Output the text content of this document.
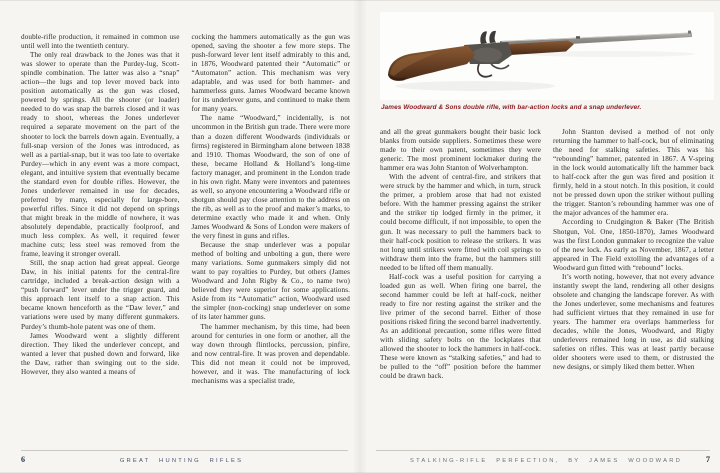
double-rifle production, it remained in common use until well into the twentieth century.

The only real drawback to the Jones was that it was slower to operate than the Purdey-lug, Scott-spindle combination. The latter was also a “snap” action—the lugs and top lever moved back into position automatically as the gun was closed, powered by springs. All the shooter (or loader) needed to do was snap the barrels closed and it was ready to shoot, whereas the Jones underlever required a separate movement on the part of the shooter to lock the barrels down again. Eventually, a full-snap version of the Jones was introduced, as well as a partial-snap, but it was too late to overtake Purdey—which in any event was a more compact, elegant, and intuitive system that eventually became the standard even for double rifles. However, the Jones underlever remained in use for decades, preferred by many, especially for large-bore, powerful rifles. Since it did not depend on springs that might break in the middle of nowhere, it was absolutely dependable, practically foolproof, and much less complex. As well, it required fewer machine cuts; less steel was removed from the frame, leaving it stronger overall.

Still, the snap action had great appeal. George Daw, in his initial patents for the central-fire cartridge, included a break-action design with a “push forward” lever under the trigger guard, and this approach lent itself to a snap action. This became known henceforth as the “Daw lever,” and variations were used by many different gunmakers. Purdey’s thumb-hole patent was one of them.

James Woodward went a slightly different direction. They liked the underlever concept, and wanted a lever that pushed down and forward, like the Daw, rather than swinging out to the side. However, they also wanted a means of

cocking the hammers automatically as the gun was opened, saving the shooter a few more steps. The push-forward lever lent itself admirably to this and, in 1876, Woodward patented their “Automatic” or “Automaton” action. This mechanism was very adaptable, and was used for both hammer- and hammerless guns. James Woodward became known for its underlever guns, and continued to make them for many years.

The name “Woodward,” incidentally, is not uncommon in the British gun trade. There were more than a dozen different Woodwards (individuals or firms) registered in Birmingham alone between 1838 and 1910. Thomas Woodward, the son of one of these, became Holland & Holland’s long-time factory manager, and prominent in the London trade in his own right. Many were inventors and patentees as well, so anyone encountering a Woodward rifle or shotgun should pay close attention to the address on the rib, as well as to the proof and maker’s marks, to determine exactly who made it and when. Only James Woodward & Sons of London were makers of the very finest in guns and rifles.

Because the snap underlever was a popular method of bolting and unbolting a gun, there were many variations. Some gunmakers simply did not want to pay royalties to Purdey, but others (James Woodward and John Rigby & Co., to name two) believed they were superior for some applications. Aside from its “Automatic” action, Woodward used the simpler (non-cocking) snap underlever on some of its later hammer guns.

The hammer mechanism, by this time, had been around for centuries in one form or another, all the way down through flintlocks, percussion, pinfire, and now central-fire. It was proven and dependable. This did not mean it could not be improved, however, and it was. The manufacturing of lock mechanisms was a specialist trade,

6	GREAT HUNTING RIFLES
James Woodward & Sons double rifle, with bar-action locks and a snap underlever.

and all the great gunmakers bought their basic lock blanks from outside suppliers. Sometimes these were made to their own patent, sometimes they were generic. The most prominent lockmaker during the hammer era was John Stanton of Wolverhampton.

With the advent of central-fire, and strikers that were struck by the hammer and which, in turn, struck the primer, a problem arose that had not existed before. With the hammer pressing against the striker and the striker tip lodged firmly in the primer, it could become difficult, if not impossible, to open the gun. It was necessary to pull the hammers back to their half-cock position to release the strikers. It was not long until strikers were fitted with coil springs to withdraw them into the frame, but the hammers still needed to be lifted off them manually.

Half-cock was a useful position for carrying a loaded gun as well. When firing one barrel, the second hammer could be left at half-cock, neither ready to fire nor resting against the striker and the live primer of the second barrel. Either of those positions risked firing the second barrel inadvertently. As an additional precaution, some rifles were fitted with sliding safety bolts on the lockplates that allowed the shooter to lock the hammers in half-cock. These were known as “stalking safeties,” and had to be pulled to the “off” position before the hammer could be drawn back.

John Stanton devised a method of not only returning the hammer to half-cock, but of eliminating the need for stalking safeties. This was his “rebounding” hammer, patented in 1867. A V-spring in the lock would automatically lift the hammer back to half-cock after the gun was fired and position it firmly, held in a stout notch. In this position, it could not be pressed down upon the striker without pulling the trigger. Stanton’s rebounding hammer was one of the major advances of the hammer era.

According to Crudgington & Baker (The British Shotgun, Vol. One, 1850-1870), James Woodward was the first London gunmaker to recognize the value of the new lock. As early as November, 1867, a letter appeared in The Field extolling the advantages of a Woodward gun fitted with “rebound” locks.

It’s worth noting, however, that not every advance instantly swept the land, rendering all other designs obsolete and changing the landscape forever. As with the Jones underlever, some mechanisms and features had sufficient virtues that they remained in use for years. The hammer era overlaps hammerless for decades, while the Jones, Woodward, and Rigby underlevers remained long in use, as did stalking safeties on rifles. This was at least partly because older shooters were used to them, or distrusted the new designs, or simply liked them better. When

STALKING-RIFLE PERFECTION, BY JAMES WOODWARD	7
